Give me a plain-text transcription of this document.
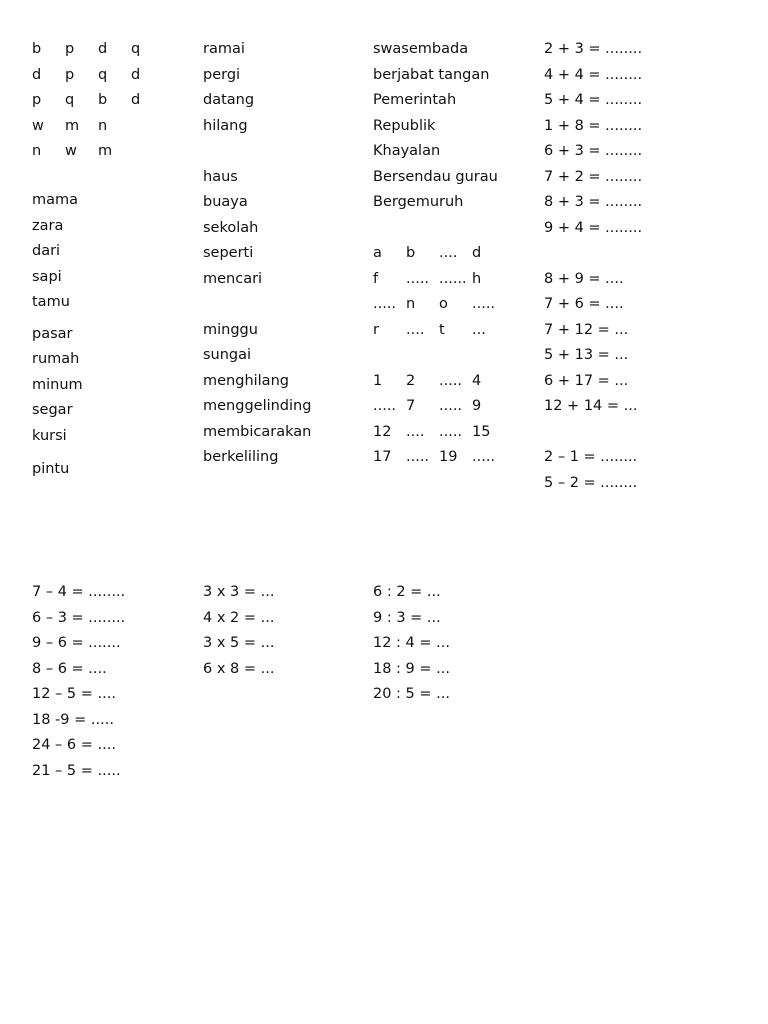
b p d q
d p q d
p q b d
w m n
n w m
mama
zara
dari
sapi
tamu
pasar
rumah
minum
segar
kursi
pintu
ramai
pergi
datang
hilang
haus
buaya
sekolah
seperti
mencari
minggu
sungai
menghilang
menggelinding
membicarakan
berkeliling
swasembada
berjabat tangan
Pemerintah
Republik
Khayalan
Bersendau gurau
Bergemuruh
a b .... d
f ..... ...... h
..... n o .....
r .... t ...
1 2 ..... 4
..... 7 ..... 9
12 .... ..... 15
17 ..... 19 .....
2 + 3 = ........
4 + 4 = ........
5 + 4 = ........
1 + 8 = ........
6 + 3 = ........
7 + 2 = ........
8 + 3 = ........
9 + 4 = ........
8 + 9 = ....
7 + 6 = ....
7 + 12 = ...
5 + 13 = ...
6 + 17 = ...
12 + 14 = ...
2 – 1 = ........
5 – 2 = ........
7 – 4 = ........
6 – 3 = ........
9 – 6 = .......
8 – 6 = ....
12 – 5 = ....
18 -9 = .....
24 – 6 = ....
21 – 5 = .....
3 x 3 = ...
4 x 2 = ...
3 x 5 = ...
6 x 8 = ...
6 : 2 = ...
9 : 3 = ...
12 : 4 = ...
18 : 9 = ...
20 : 5 = ...
